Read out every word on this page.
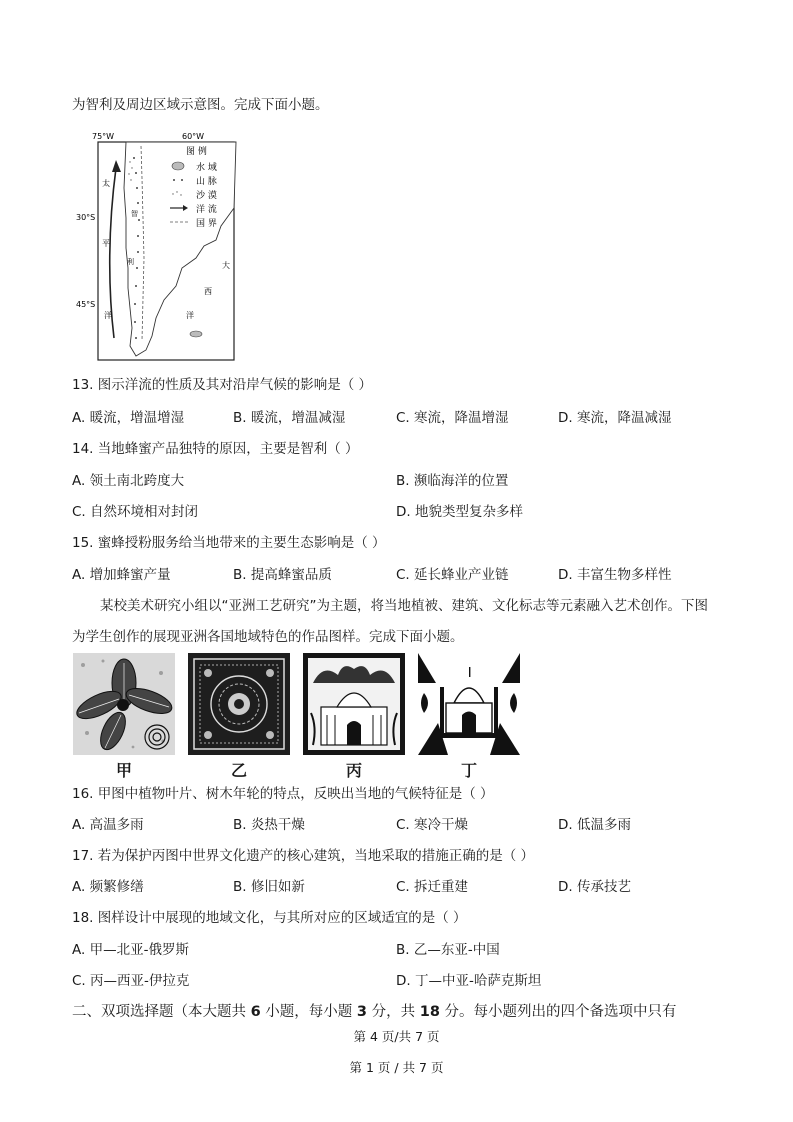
为智利及周边区域示意图。完成下面小题。
75°W	60°W
30°S
45°S
太
平
洋
大
西
洋
智
利
图 例
水 域
山 脉
沙 漠
洋 流
国 界
13. 图示洋流的性质及其对沿岸气候的影响是（ ）
A. 暖流，增温增湿	B. 暖流，增温减湿	C. 寒流，降温增湿	D. 寒流，降温减湿
14. 当地蜂蜜产品独特的原因，主要是智利（ ）
A. 领土南北跨度大	B. 濒临海洋的位置
C. 自然环境相对封闭	D. 地貌类型复杂多样
15. 蜜蜂授粉服务给当地带来的主要生态影响是（ ）
A. 增加蜂蜜产量	B. 提高蜂蜜品质	C. 延长蜂业产业链	D. 丰富生物多样性
某校美术研究小组以“亚洲工艺研究”为主题，将当地植被、建筑、文化标志等元素融入艺术创作。下图
为学生创作的展现亚洲各国地域特色的作品图样。完成下面小题。
甲	乙	丙	丁
16. 甲图中植物叶片、树木年轮的特点，反映出当地的气候特征是（ ）
A. 高温多雨	B. 炎热干燥	C. 寒冷干燥	D. 低温多雨
17. 若为保护丙图中世界文化遗产的核心建筑，当地采取的措施正确的是（ ）
A. 频繁修缮	B. 修旧如新	C. 拆迁重建	D. 传承技艺
18. 图样设计中展现的地域文化，与其所对应的区域适宜的是（ ）
A. 甲—北亚-俄罗斯	B. 乙—东亚-中国
C. 丙—西亚-伊拉克	D. 丁—中亚-哈萨克斯坦
二、双项选择题（本大题共 6 小题，每小题 3 分，共 18 分。每小题列出的四个备选项中只有
第 4 页/共 7 页
第 1 页 / 共 7 页
